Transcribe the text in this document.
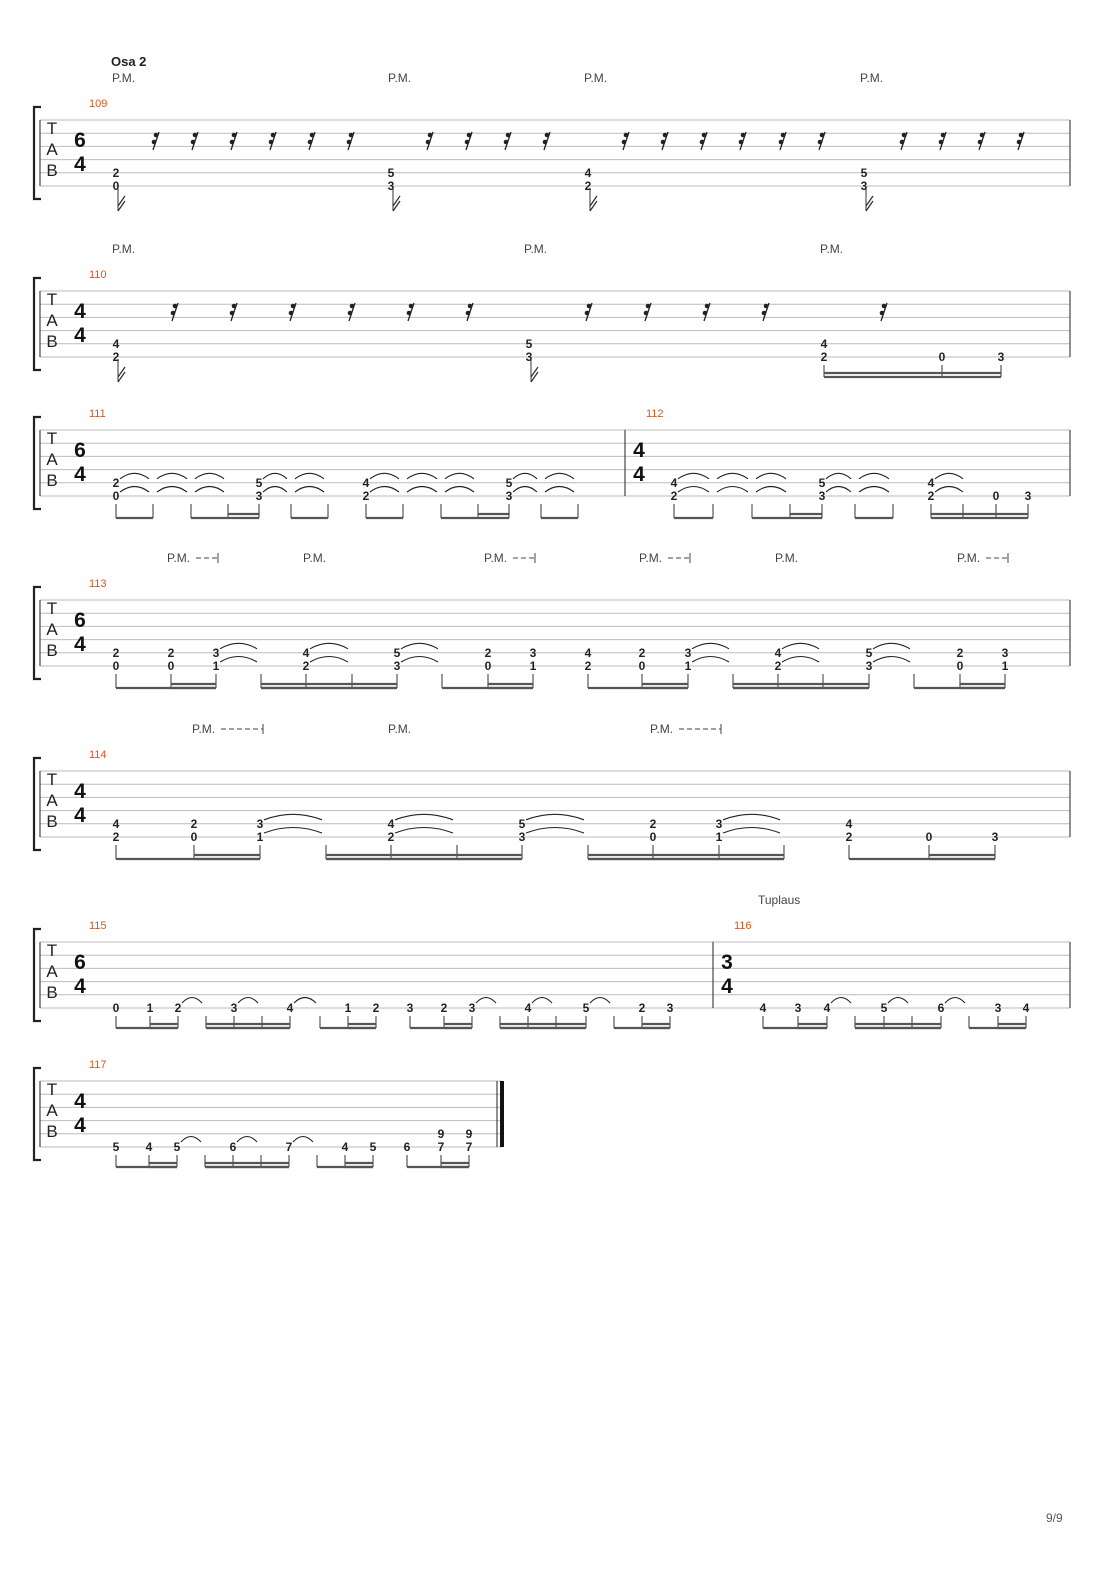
Osa 2
T
A
B
6
4
109
P.M.	P.M.	P.M.	P.M.
2
0
5
3
4
2
5
3
T
A
B
4
4
110
P.M.	P.M.	P.M.
4
2
5
3
4
2	0	3
T
A
B
6
4
111
4
4
112
2
0
5
3
4
2
5
3
4
2
5
3
4
2	0 3
T
A
B
6
4
113
P.M.	P.M.	P.M.	P.M.	P.M.	P.M.
2
0
2
0
3
1
4
2
5
3
2
0
3
1
4
2
2
0
3
1
4
2
5
3
2
0
3
1
T
A
B
4
4
114
P.M.	P.M.	P.M.
4
2
2
0
3
1
4
2
5
3
2
0
3
1
4
2	0	3
T
A
B
6
4
115
3
4
116
Tuplaus
0 1 2	3	4	1 2 3 2 3	4	5	2 3	4 3 4	5	6	3 4
T
A
B
4
4
117
5 4 5	6	7	4 5 6
9
7
9
7
9/9
